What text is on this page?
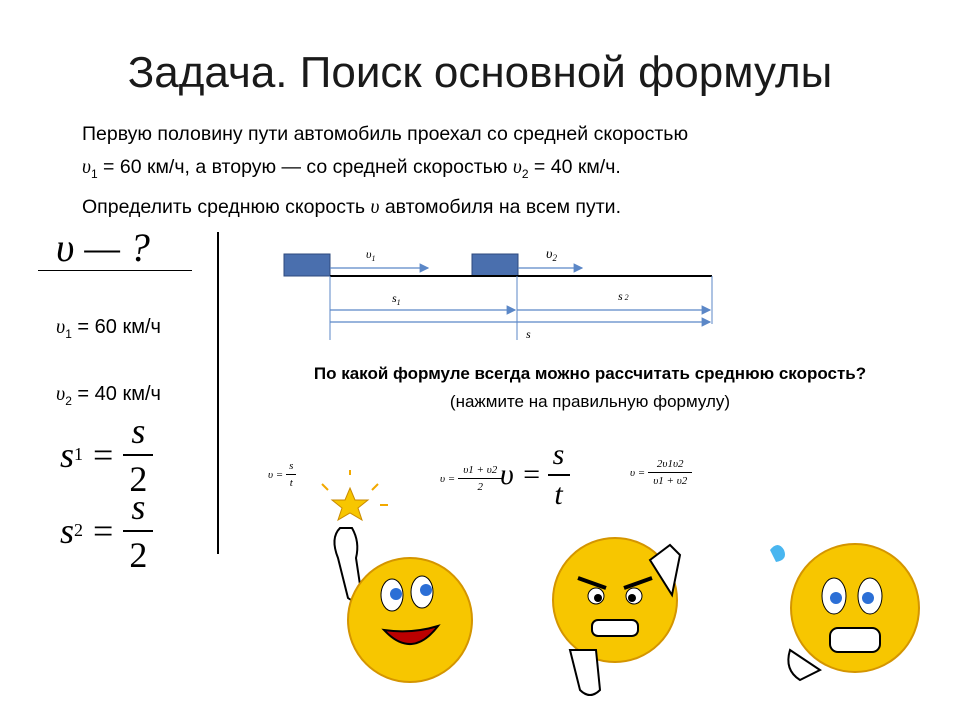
Задача. Поиск основной формулы
Первую половину пути автомобиль проехал со средней скоростью
$\upsilon_1 = 60$ км/ч, а вторую — со средней скоростью $\upsilon_2 = 40$ км/ч.
Определить среднюю скорость υ автомобиля на всем пути.
υ — ?
$\upsilon_1 = 60$ км/ч
$\upsilon_2 = 40$ км/ч
s $1 = \frac{s}{2}$
s $2 = \frac{s}{2}$
$\upsilon_1$	$\upsilon_2$
$s_1$	s 2
s
По какой формуле всегда можно рассчитать среднюю скорость?
(нажмите на правильную формулу)
$\upsilon = \frac{s}{t}$	$\upsilon = \frac{\upsilon 1 + \upsilon 2}{2}$
$\upsilon = \frac{s}{t}$	$\upsilon = \frac{2\upsilon 1\upsilon 2}{\upsilon 1 + \upsilon 2}$
